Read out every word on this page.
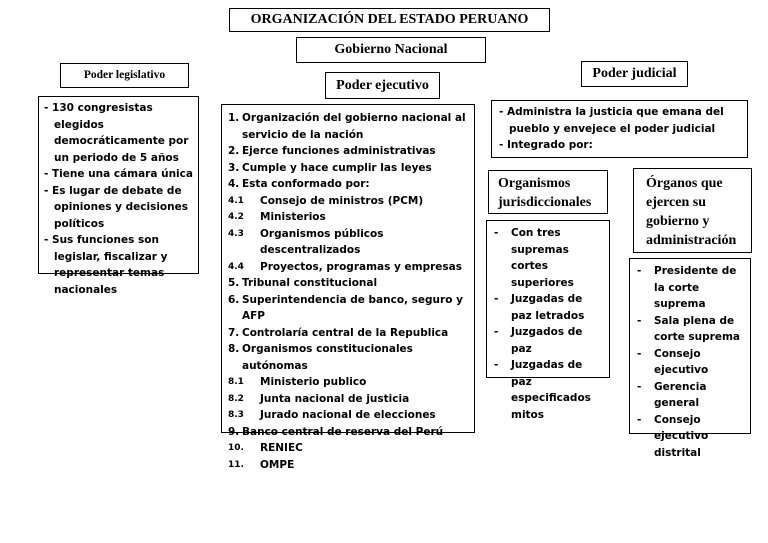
ORGANIZACIÓN DEL ESTADO PERUANO
Gobierno Nacional
Poder legislativo
- 130 congresistas elegidos democráticamente por un periodo de 5 años
- Tiene una cámara única
- Es lugar de debate de opiniones y decisiones políticos
- Sus funciones son legislar, fiscalizar y representar temas nacionales
Poder ejecutivo
1. Organización del gobierno nacional al servicio de la nación
2. Ejerce funciones administrativas
3. Cumple y hace cumplir las leyes
4. Esta conformado por:
4.1 Consejo de ministros (PCM)
4.2 Ministerios
4.3 Organismos públicos descentralizados
4.4 Proyectos, programas y empresas
5. Tribunal constitucional
6. Superintendencia de banco, seguro y AFP
7. Controlaría central de la Republica
8. Organismos constitucionales autónomas
8.1 Ministerio publico
8.2 Junta nacional de justicia
8.3 Jurado nacional de elecciones
9. Banco central de reserva del Perú
10. RENIEC
11. OMPE
Poder judicial
- Administra la justicia que emana del pueblo y envejece el poder judicial
- Integrado por:
Organismos jurisdiccionales
- Con tres supremas cortes superiores
- Juzgadas de paz letrados
- Juzgados de paz
- Juzgadas de paz especificados mitos
Órganos que ejercen su gobierno y administración
- Presidente de la corte suprema
- Sala plena de corte suprema
- Consejo ejecutivo
- Gerencia general
- Consejo ejecutivo distrital
